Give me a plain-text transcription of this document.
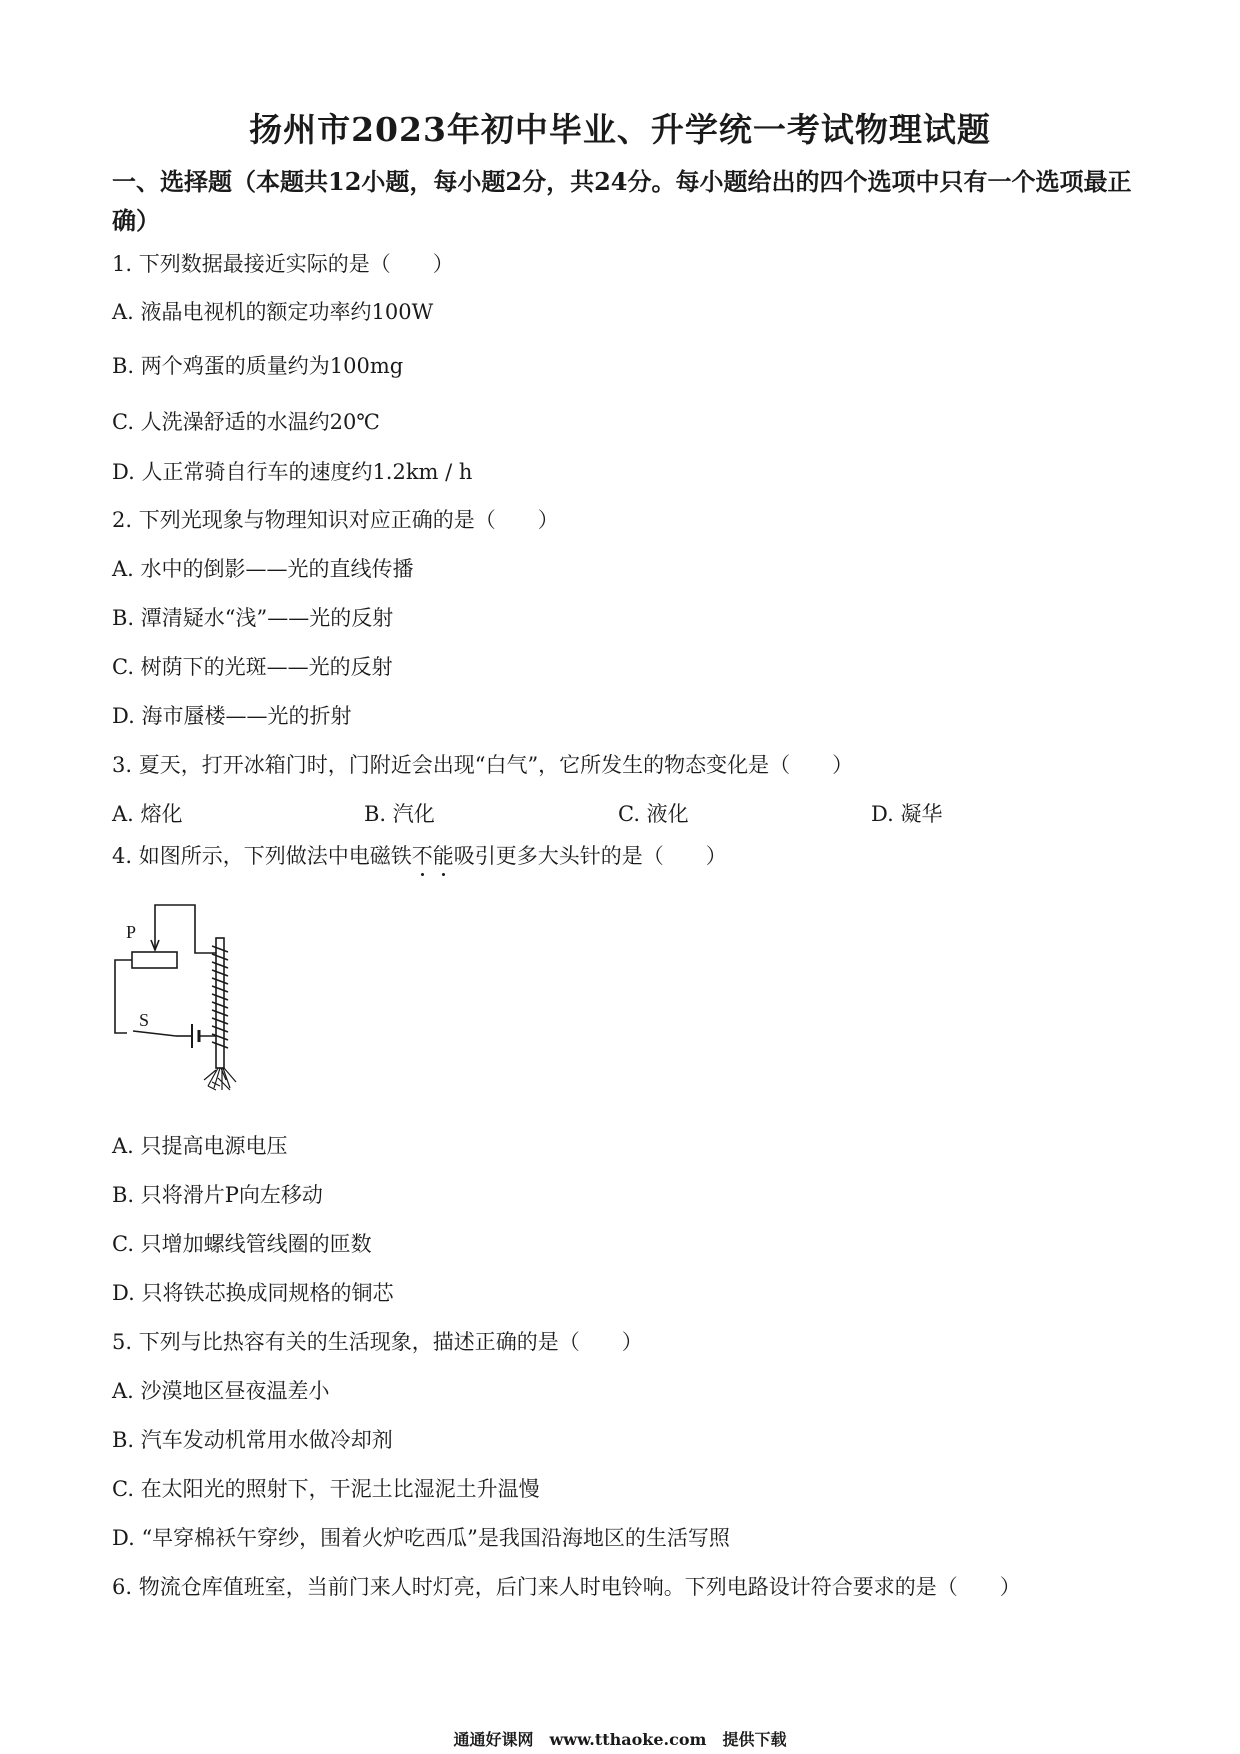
扬州市2023年初中毕业、升学统一考试物理试题
一、选择题（本题共12小题，每小题2分，共24分。每小题给出的四个选项中只有一个选项最正确）
1. 下列数据最接近实际的是（　　）
A. 液晶电视机的额定功率约100W
B. 两个鸡蛋的质量约为100mg
C. 人洗澡舒适的水温约20℃
D. 人正常骑自行车的速度约1.2km / h
2. 下列光现象与物理知识对应正确的是（　　）
A. 水中的倒影——光的直线传播
B. 潭清疑水“浅”——光的反射
C. 树荫下的光斑——光的反射
D. 海市蜃楼——光的折射
3. 夏天，打开冰箱门时，门附近会出现“白气”，它所发生的物态变化是（　　）
A. 熔化	B. 汽化	C. 液化	D. 凝华
4. 如图所示，下列做法中电磁铁不能吸引更多大头针的是（　　）
P
S
A. 只提高电源电压
B. 只将滑片P向左移动
C. 只增加螺线管线圈的匝数
D. 只将铁芯换成同规格的铜芯
5. 下列与比热容有关的生活现象，描述正确的是（　　）
A. 沙漠地区昼夜温差小
B. 汽车发动机常用水做冷却剂
C. 在太阳光的照射下，干泥土比湿泥土升温慢
D. “早穿棉袄午穿纱，围着火炉吃西瓜”是我国沿海地区的生活写照
6. 物流仓库值班室，当前门来人时灯亮，后门来人时电铃响。下列电路设计符合要求的是（　　）
通通好课网　www.tthaoke.com　提供下载
